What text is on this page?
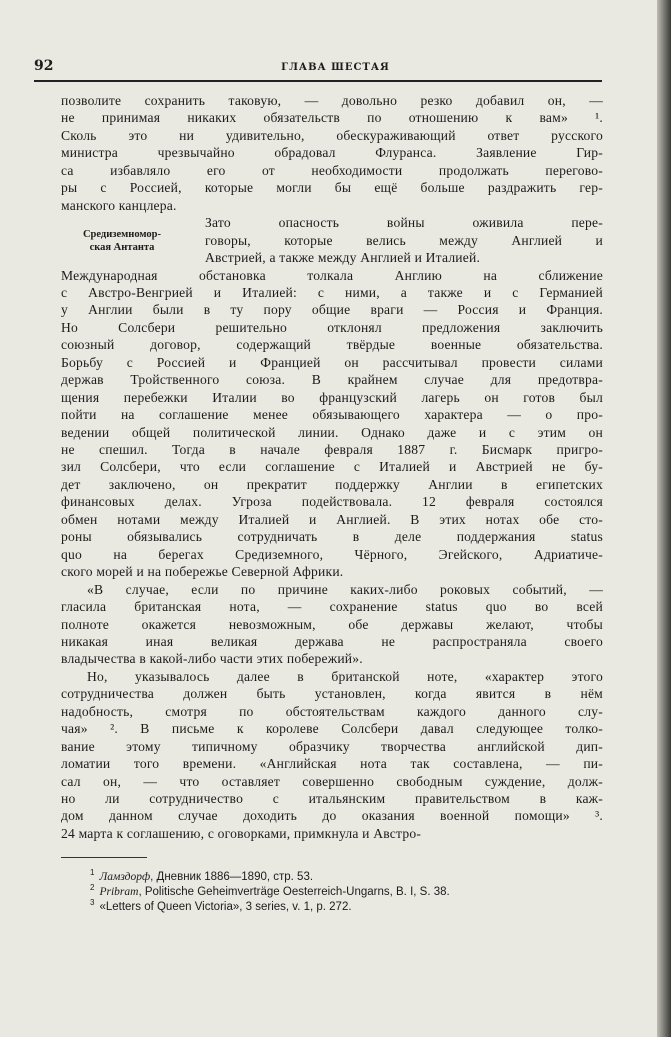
92	ГЛАВА ШЕСТАЯ
Средиземномор-
ская Антанта
позволите сохранить таковую, — довольно резко добавил он, —
не принимая никаких обязательств по отношению к вам» ¹.
Сколь это ни удивительно, обескураживающий ответ русского
министра чрезвычайно обрадовал Флуранса. Заявление Гир-
са избавляло его от необходимости продолжать перегово-
ры с Россией, которые могли бы ещё больше раздражить гер-
манского канцлера.
Зато опасность войны оживила пере-
говоры, которые велись между Англией и
Австрией, а также между Англией и Италией.
Международная обстановка толкала Англию на сближение
с Австро-Венгрией и Италией: с ними, а также и с Германией
у Англии были в ту пору общие враги — Россия и Франция.
Но Солсбери решительно отклонял предложения заключить
союзный договор, содержащий твёрдые военные обязательства.
Борьбу с Россией и Францией он рассчитывал провести силами
держав Тройственного союза. В крайнем случае для предотвра-
щения перебежки Италии во французский лагерь он готов был
пойти на соглашение менее обязывающего характера — о про-
ведении общей политической линии. Однако даже и с этим он
не спешил. Тогда в начале февраля 1887 г. Бисмарк пригро-
зил Солсбери, что если соглашение с Италией и Австрией не бу-
дет заключено, он прекратит поддержку Англии в египетских
финансовых делах. Угроза подействовала. 12 февраля состоялся
обмен нотами между Италией и Англией. В этих нотах обе сто-
роны обязывались сотрудничать в деле поддержания status
quo на берегах Средиземного, Чёрного, Эгейского, Адриатиче-
ского морей и на побережье Северной Африки.
«В случае, если по причине каких-либо роковых событий, —
гласила британская нота, — сохранение status quo во всей
полноте окажется невозможным, обе державы желают, чтобы
никакая иная великая держава не распространяла своего
владычества в какой-либо части этих побережий».
Но, указывалось далее в британской ноте, «характер этого
сотрудничества должен быть установлен, когда явится в нём
надобность, смотря по обстоятельствам каждого данного слу-
чая» ². В письме к королеве Солсбери давал следующее толко-
вание этому типичному образчику творчества английской дип-
ломатии того времени. «Английская нота так составлена, — пи-
сал он, — что оставляет совершенно свободным суждение, долж-
но ли сотрудничество с итальянским правительством в каж-
дом данном случае доходить до оказания военной помощи» ³.
24 марта к соглашению, с оговорками, примкнула и Австро-
$^1$ Ламздорф, Дневник 1886—1890, стр. 53.
$^2$ Pribram, Politische Geheimverträge Oesterreich-Ungarns, B. I, S. 38.
$^3$ «Letters of Queen Victoria», 3 series, v. 1, p. 272.
